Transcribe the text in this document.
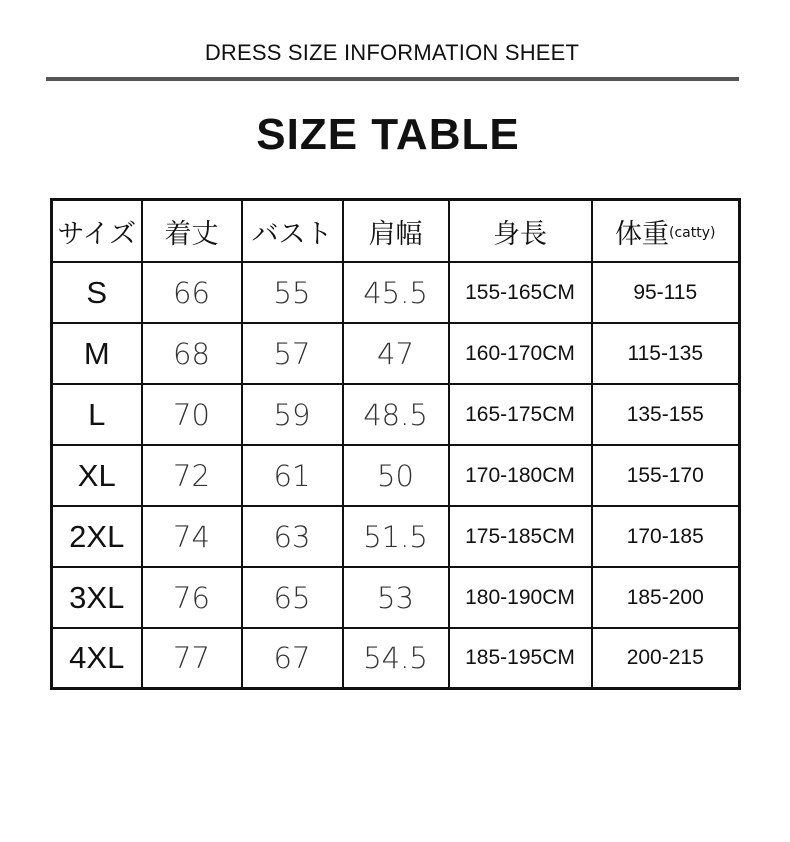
DRESS SIZE INFORMATION SHEET
SIZE TABLE
サイズ	着丈	バスト	肩幅	身長	体重$^{(catty)}$
S	66	55	45.5	155-165CM	95-115
M	68	57	47	160-170CM	115-135
L	70	59	48.5	165-175CM	135-155
XL	72	61	50	170-180CM	155-170
2XL	74	63	51.5	175-185CM	170-185
3XL	76	65	53	180-190CM	185-200
4XL	77	67	54.5	185-195CM	200-215
